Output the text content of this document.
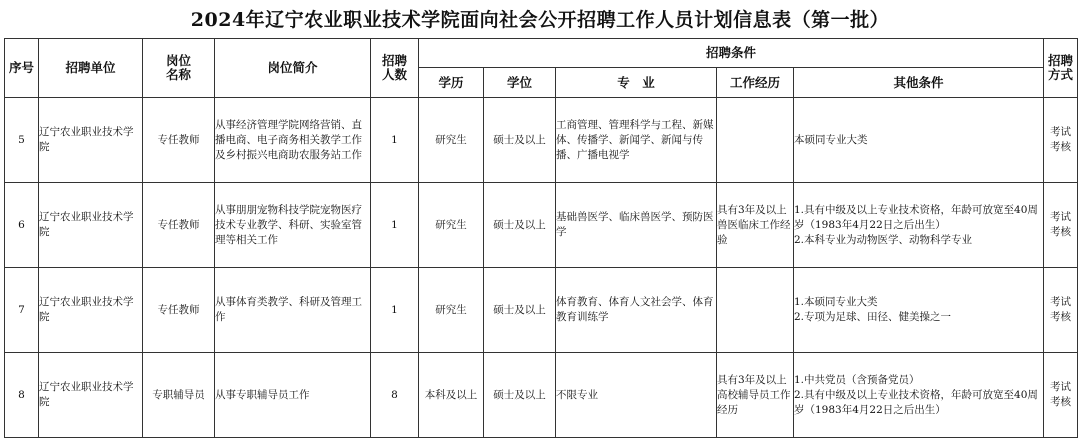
2024年辽宁农业职业技术学院面向社会公开招聘工作人员计划信息表（第一批）
序号	招聘单位	岗位
名称	岗位简介	招聘
人数	招聘条件					招聘
方式

					学历	学位	专　业	工作经历	其他条件	
5	辽宁农业职业技术学院	专任教师	从事经济管理学院网络营销、直播电商、电子商务相关教学工作及乡村振兴电商助农服务站工作	1	研究生	硕士及以上	工商管理、管理科学与工程、新媒体、传播学、新闻学、新闻与传播、广播电视学		本硕同专业大类	考试
考核

6	辽宁农业职业技术学院	专任教师	从事朋朋宠物科技学院宠物医疗技术专业教学、科研、实验室管理等相关工作	1	研究生	硕士及以上	基础兽医学、临床兽医学、预防医学	具有3年及以上兽医临床工作经验	1.具有中级及以上专业技术资格，年龄可放宽至40周岁（1983年4月22日之后出生）
2.本科专业为动物医学、动物科学专业	考试
考核

7	辽宁农业职业技术学院	专任教师	从事体育类教学、科研及管理工作	1	研究生	硕士及以上	体育教育、体育人文社会学、体育教育训练学		1.本硕同专业大类
2.专项为足球、田径、健美操之一	考试
考核

8	辽宁农业职业技术学院	专职辅导员	从事专职辅导员工作	8	本科及以上	硕士及以上	不限专业	具有3年及以上高校辅导员工作经历	1.中共党员（含预备党员）
2.具有中级及以上专业技术资格，年龄可放宽至40周岁（1983年4月22日之后出生）	考试
考核
